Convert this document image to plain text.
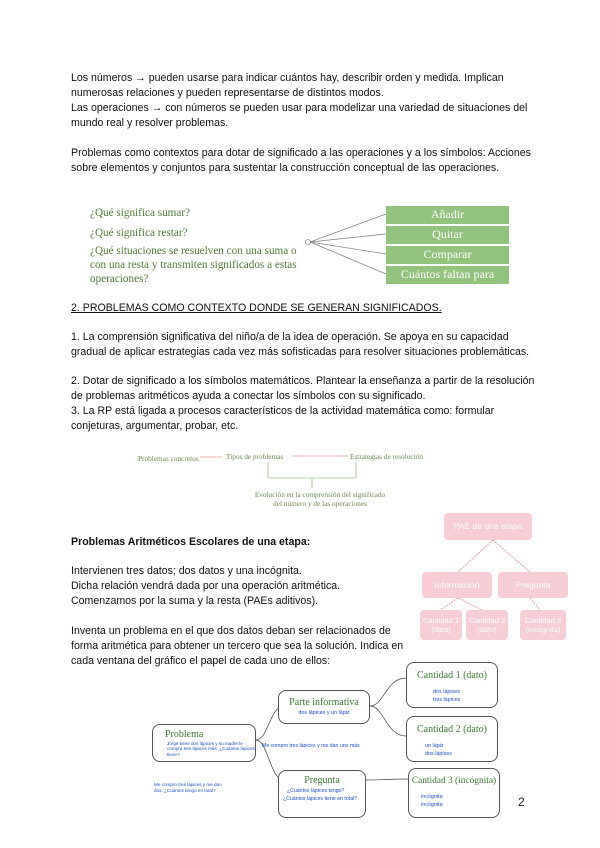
Los números → pueden usarse para indicar cuántos hay, describir orden y medida. Implican numerosas relaciones y pueden representarse de distintos modos.
Las operaciones → con números se pueden usar para modelizar una variedad de situaciones del mundo real y resolver problemas.
Problemas como contextos para dotar de significado a las operaciones y a los símbolos: Acciones sobre elementos y conjuntos para sustentar la construcción conceptual de las operaciones.
¿Qué significa sumar?
¿Qué significa restar?
¿Qué situaciones se resuelven con una suma o con una resta y transmiten significados a estas operaciones?
Añadir
Quitar
Comparar
Cuántos faltan para
2. PROBLEMAS COMO CONTEXTO DONDE SE GENERAN SIGNIFICADOS.
1. La comprensión significativa del niño/a de la idea de operación. Se apoya en su capacidad gradual de aplicar estrategias cada vez más sofisticadas para resolver situaciones problemáticas.
2. Dotar de significado a los símbolos matemáticos. Plantear la enseñanza a partir de la resolución de problemas aritméticos ayuda a conectar los símbolos con su significado.
3. La RP está ligada a procesos característicos de la actividad matemática como: formular conjeturas, argumentar, probar, etc.
Problemas concretos	Tipos de problemas	Estrategias de resolución
Evolución en la comprensión del significado del número y de las operaciones
Problemas Aritméticos Escolares de una etapa:
Intervienen tres datos; dos datos y una incógnita.
Dicha relación vendrá dada por una operación aritmética.
Comenzamos por la suma y la resta (PAEs aditivos).
Inventa un problema en el que dos datos deban ser relacionados de forma aritmética para obtener un tercero que sea la solución. Indica en cada ventana del gráfico el papel de cada uno de ellos:
PAE de una etapa
Información	Pregunta
Cantidad 1 (dato)
Cantidad 2 (dato)
Cantidad 3 (incógnita)
Problema
Jorge tiene dos lápices y su madre le compra tres lápices más. ¿Cuántos lápices tiene?
Me compro tres lápices y me dan dos; ¿Cuántos tengo en total?
Parte informativa
dos lápices y un lápiz
Me compro tres lápices y me dan uno más
Pregunta
¿Cuántos lápices tengo?
¿Cuántos lápices tiene en total?
Cantidad 1 (dato)
dos lápices
tres lápices
Cantidad 2 (dato)
un lápiz
dos lápices
Cantidad 3 (incógnita)
incógnita
incógnita	2
